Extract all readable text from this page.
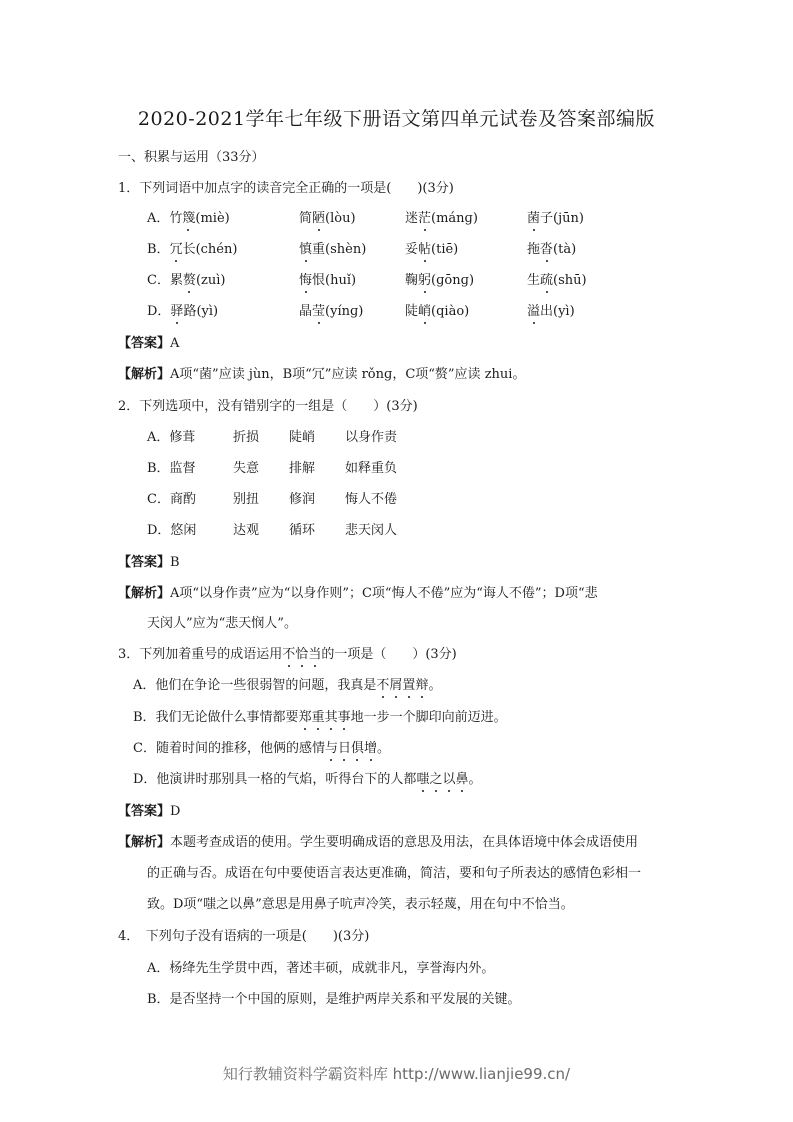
2020-2021学年七年级下册语文第四单元试卷及答案部编版
一、积累与运用（33分）
1．下列词语中加点字的读音完全正确的一项是(　　)(3分)
A．竹篾(miè)	简陋(lòu)	迷茫(mánɡ)	菌子(jūn)
B．冗长(chén)	慎重(shèn)	妥帖(tiē)	拖沓(tà)
C．累赘(zuì)	悔恨(huǐ)	鞠躬(ɡōnɡ)	生疏(shū)
D．驿路(yì)	晶莹(yínɡ)	陡峭(qiào)	溢出(yì)
【答案】A
【解析】A项“菌”应读 jùn，B项“冗”应读 rǒnɡ，C项“赘”应读 zhui。
2．下列选项中，没有错别字的一组是（　　）(3分)
A．修葺	折损 陡峭 以身作责
B．监督	失意 排解 如释重负
C．商酌	别扭 修润 悔人不倦
D．悠闲	达观 循环 悲天闵人
【答案】B
【解析】A项“以身作责”应为“以身作则”；C项“悔人不倦”应为“诲人不倦”；D项“悲
天闵人”应为“悲天悯人”。
3．下列加着重号的成语运用不恰当的一项是（　　）(3分)
A．他们在争论一些很弱智的问题，我真是不屑置辩。
B．我们无论做什么事情都要郑重其事地一步一个脚印向前迈进。
C．随着时间的推移，他俩的感情与日俱增。
D．他演讲时那别具一格的气焰，听得台下的人都嗤之以鼻。
【答案】D
【解析】本题考查成语的使用。学生要明确成语的意思及用法，在具体语境中体会成语使用
的正确与否。成语在句中要使语言表达更准确，简洁，要和句子所表达的感情色彩相一
致。D项“嗤之以鼻”意思是用鼻子吭声冷笑，表示轻蔑，用在句中不恰当。
4．　下列句子没有语病的一项是(　　)(3分)
A．杨绛先生学贯中西，著述丰硕，成就非凡，享誉海内外。
B．是否坚持一个中国的原则，是维护两岸关系和平发展的关键。
知行教辅资料学霸资料库 http://www.lianjie99.cn/
